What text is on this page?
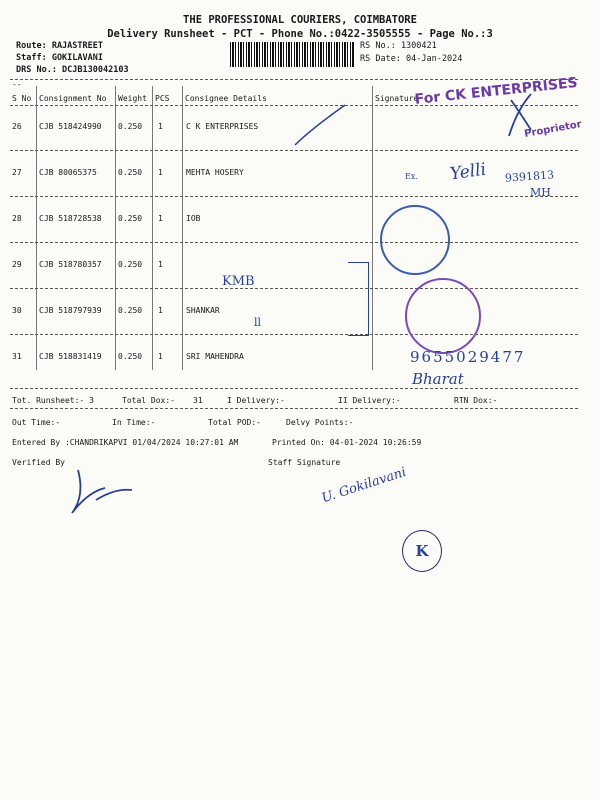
THE PROFESSIONAL COURIERS, COIMBATORE
Delivery Runsheet - PCT - Phone No.:0422-3505555 - Page No.:3
Route: RAJASTREET
Staff: GOKILAVANI
DRS No.: DCJB130042103
RS No.: 1300421
RS Date: 04-Jan-2024
--
S No Consignment No Weight PCS Consignee Details	Signature
26 CJB 518424990 0.250 1	C K ENTERPRISES
27 CJB 80065375	0.250 1	MEHTA HOSERY
28 CJB 518728538 0.250 1	IOB
29 CJB 518780357 0.250 1
30 CJB 518797939 0.250 1	SHANKAR
31 CJB 518831419 0.250 1	SRI MAHENDRA
Tot. Runsheet:- 3	Total Dox:- 31	I Delivery:-	II Delivery:-	RTN Dox:-
Out Time:-	In Time:-	Total POD:-	Delvy Points:-
Entered By :CHANDRIKAPVI 01/04/2024 10:27:01 AM	Printed On: 04-01-2024 10:26:59
Verified By	Staff Signature
For CK ENTERPRISES
Proprietor
Ex. Yelli 9391813
MH
KMB
ll
9655029477
Bharat
U. Gokilavani
K
